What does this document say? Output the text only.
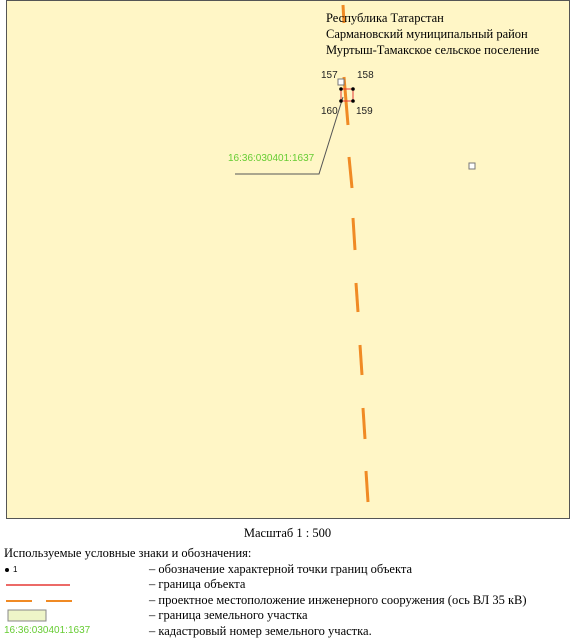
Республика Татарстан
Сармановский муниципальный район
Муртыш-Тамакское сельское поселение
157 158
159
160
16:36:030401:1637
Масштаб 1 : 500
Используемые условные знаки и обозначения:
1	– обозначение характерной точки границ объекта
– граница объекта
– проектное местоположение инженерного сооружения (ось ВЛ 35 кВ)
– граница земельного участка
16:36:030401:1637	– кадастровый номер земельного участка.
